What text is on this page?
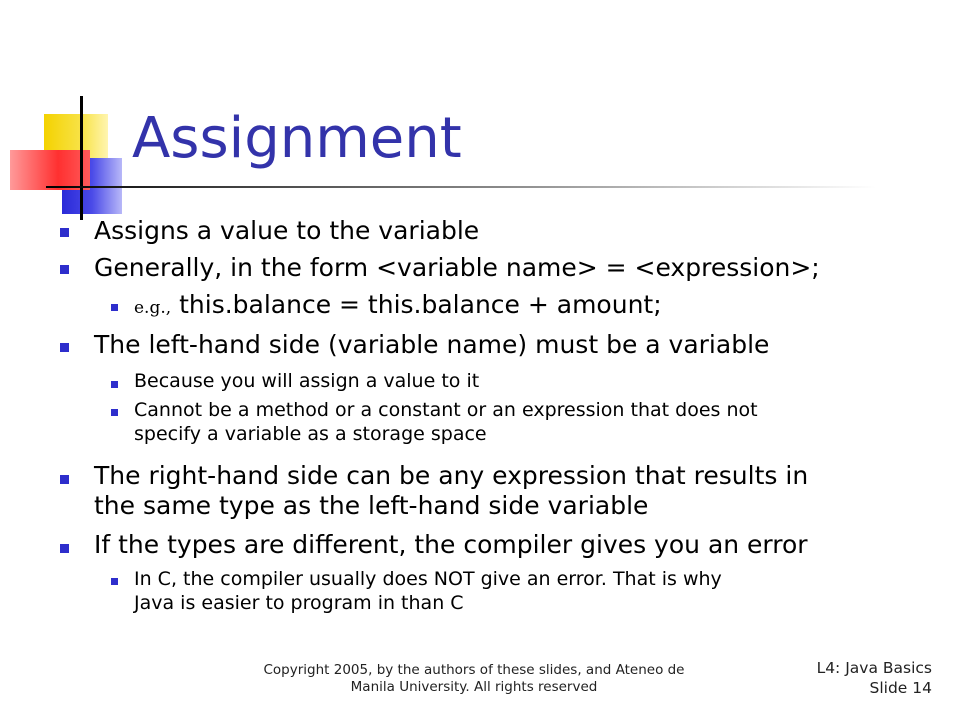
Assignment
Assigns a value to the variable
Generally, in the form <variable name> = <expression>;
e.g., this.balance = this.balance + amount;
The left-hand side (variable name) must be a variable
Because you will assign a value to it
Cannot be a method or a constant or an expression that does not
specify a variable as a storage space
The right-hand side can be any expression that results in
the same type as the left-hand side variable
If the types are different, the compiler gives you an error
In C, the compiler usually does NOT give an error. That is why
Java is easier to program in than C
Copyright 2005, by the authors of these slides, and Ateneo de
Manila University. All rights reserved
L4: Java Basics
Slide 14
